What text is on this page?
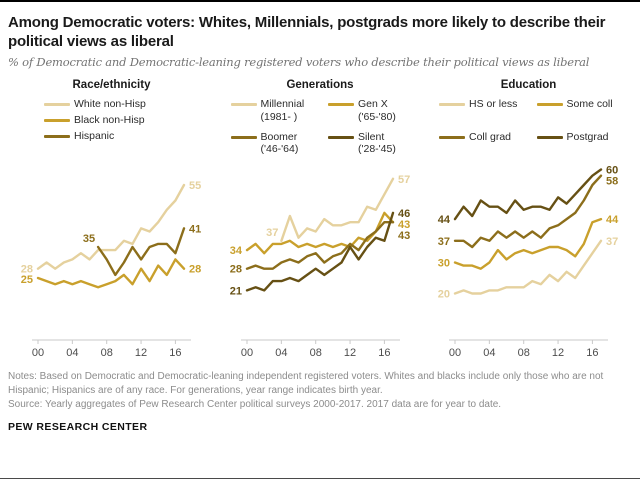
Among Democratic voters: Whites, Millennials, postgrads more likely to describe their political views as liberal
% of Democratic and Democratic-leaning registered voters who describe their political views as liberal
Race/ethnicity
White non-Hisp
Black non-Hisp
Hispanic
00 04 08 12 16
35
28
25
55
41
28
Generations
Millennial
(1981- )
Gen X
('65-'80)
Boomer
('46-'64)
Silent
('28-'45)
00 04 08 12 16
37
34
28
21
57
46
43
43
Education
HS or less	Some coll
Coll grad	Postgrad
00 04 08 12 16
44
37
30
20
60
58
44
37

Notes: Based on Democratic and Democratic-leaning independent registered voters. Whites and blacks include only those who are not Hispanic; Hispanics are of any race. For generations, year range indicates birth year.

Source: Yearly aggregates of Pew Research Center political surveys 2000-2017. 2017 data are for year to date.

PEW RESEARCH CENTER
